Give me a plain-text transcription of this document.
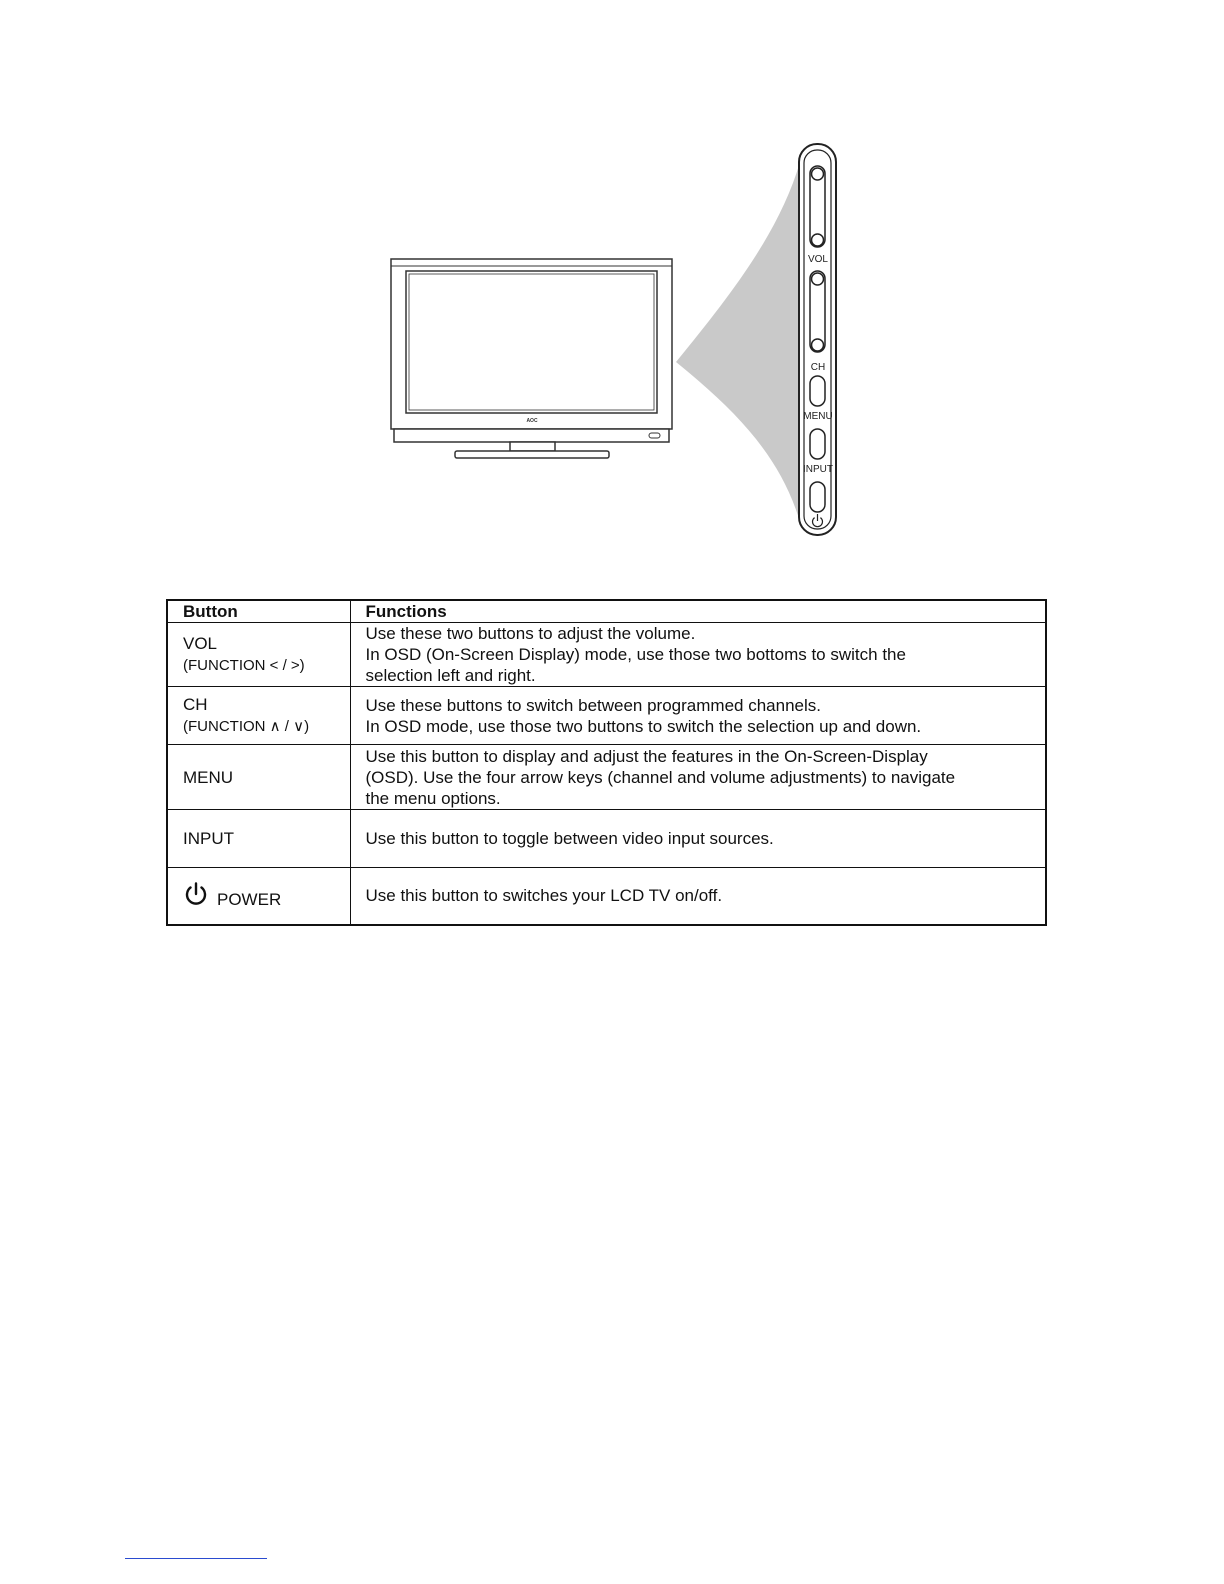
AOC
VOL
CH
MENU
INPUT
Button	Functions

VOL
(FUNCTION < / >)	Use these two buttons to adjust the volume.
In OSD (On-Screen Display) mode, use those two bottoms to switch the
selection left and right.

CH
(FUNCTION ∧ / ∨)	Use these buttons to switch between programmed channels.
In OSD mode, use those two buttons to switch the selection up and down.

MENU	Use this button to display and adjust the features in the On-Screen-Display
(OSD). Use the four arrow keys (channel and volume adjustments) to navigate
the menu options.

INPUT	Use this button to toggle between video input sources.

POWER	Use this button to switches your LCD TV on/off.
